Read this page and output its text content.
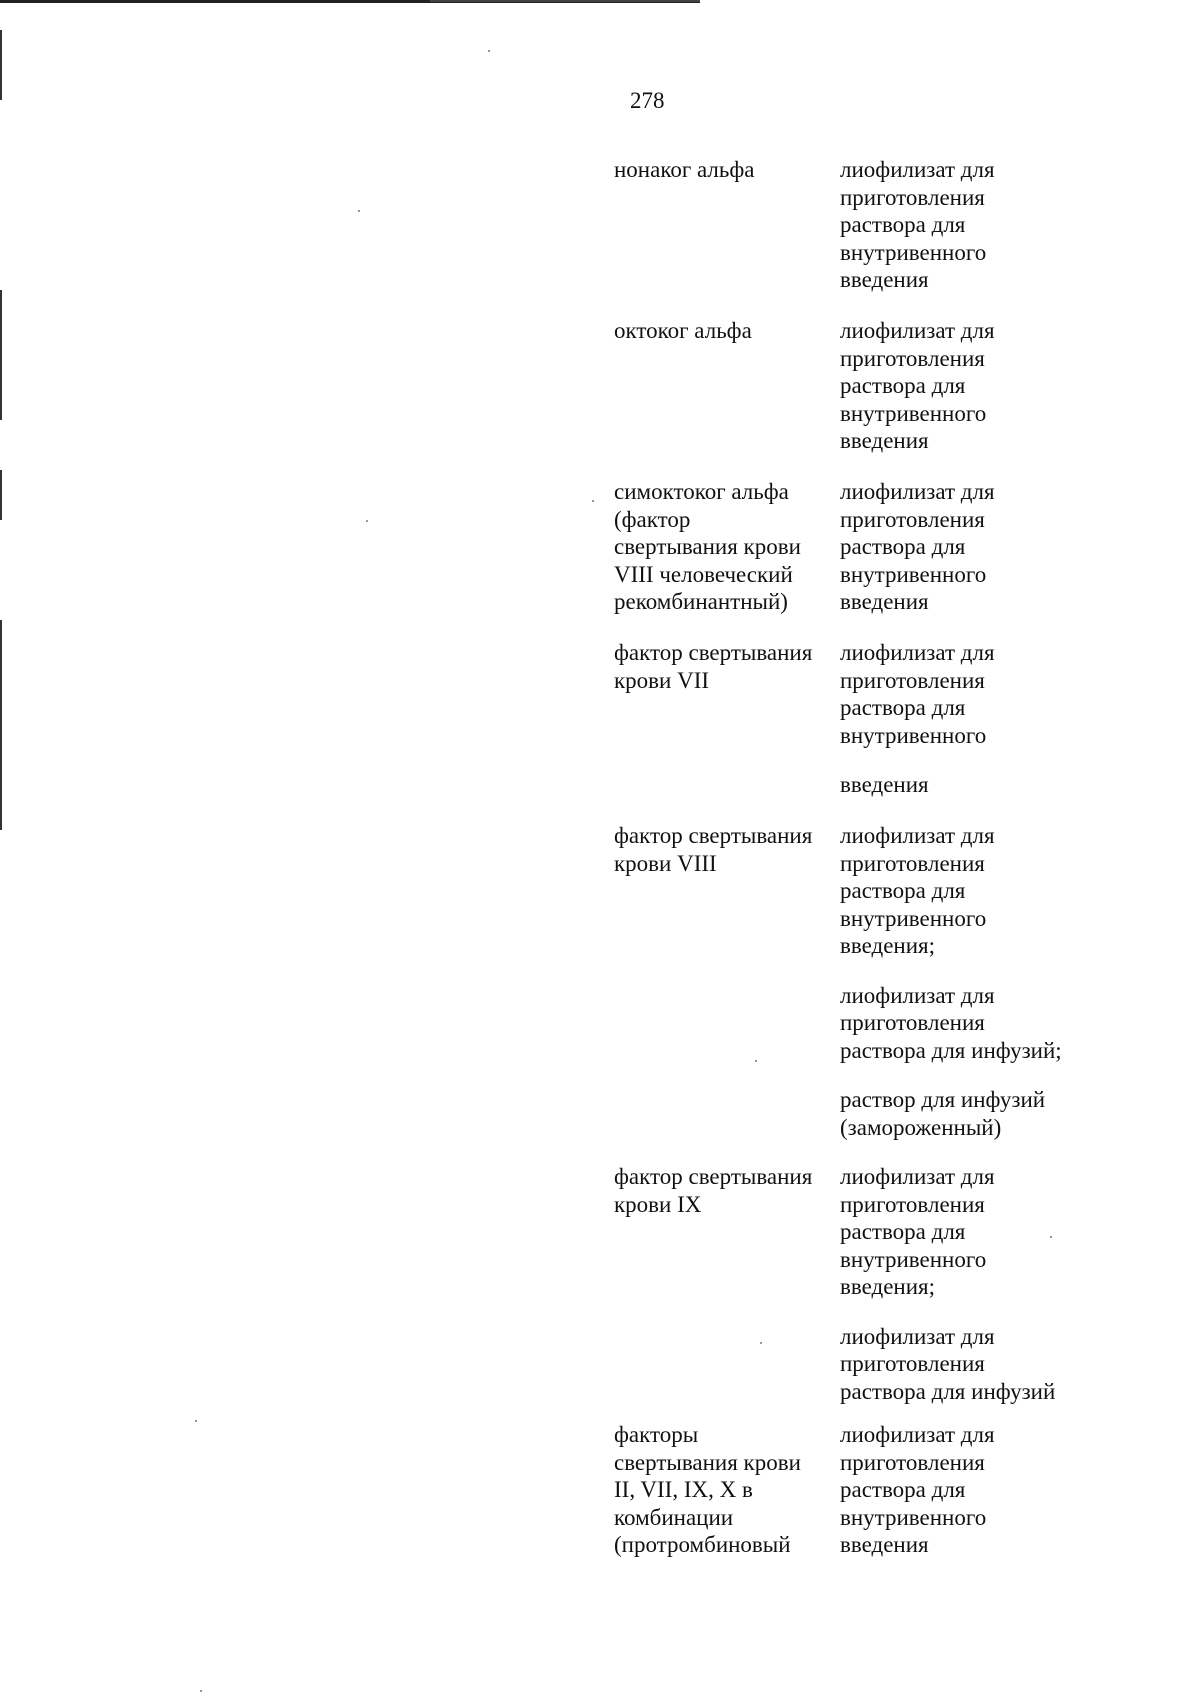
278
нонаког альфа	лиофилизат для
приготовления
раствора для
внутривенного
введения
октоког альфа	лиофилизат для
приготовления
раствора для
внутривенного
введения
симоктоког альфа
(фактор
свертывания крови
VIII человеческий
рекомбинантный)
лиофилизат для
приготовления
раствора для
внутривенного
введения
фактор свертывания
крови VII
лиофилизат для
приготовления
раствора для
внутривенного
введения
фактор свертывания
крови VIII
лиофилизат для
приготовления
раствора для
внутривенного
введения;
лиофилизат для
приготовления
раствора для инфузий;
раствор для инфузий
(замороженный)
фактор свертывания
крови IX
лиофилизат для
приготовления
раствора для
внутривенного
введения;
лиофилизат для
приготовления
раствора для инфузий
факторы
свертывания крови
II, VII, IX, X в
комбинации
(протромбиновый
лиофилизат для
приготовления
раствора для
внутривенного
введения
